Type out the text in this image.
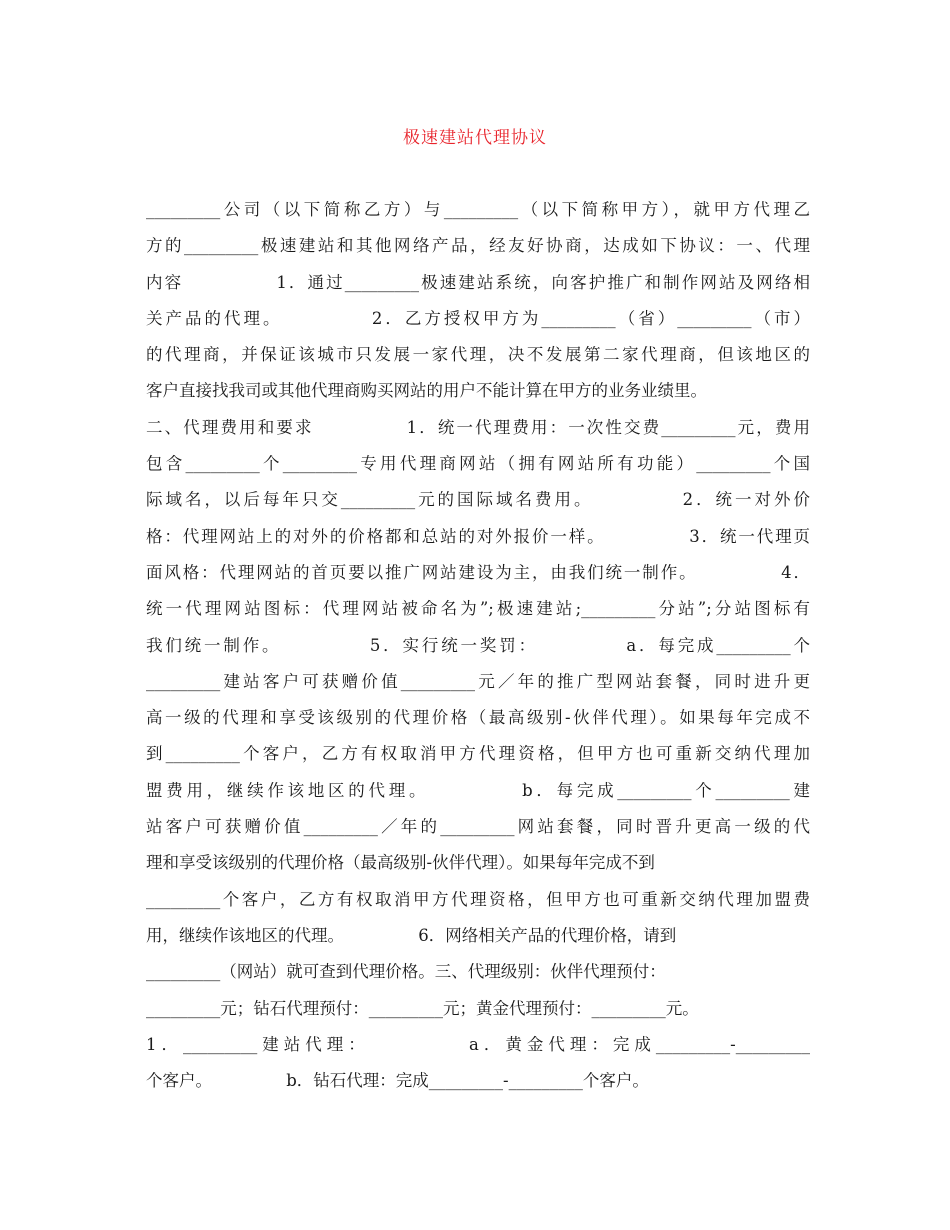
极速建站代理协议
_________公司（以下简称乙方）与_________（以下简称甲方），就甲方代理乙
方的_________极速建站和其他网络产品，经友好协商，达成如下协议：一、代理
内容　　　　　1．通过_________极速建站系统，向客护推广和制作网站及网络相
关产品的代理。　　　　　2．乙方授权甲方为_________（省）_________（市）
的代理商，并保证该城市只发展一家代理，决不发展第二家代理商，但该地区的
客户直接找我司或其他代理商购买网站的用户不能计算在甲方的业务业绩里。
二、代理费用和要求　　　　　1．统一代理费用：一次性交费_________元，费用
包含_________个_________专用代理商网站（拥有网站所有功能）_________个国
际域名，以后每年只交_________元的国际域名费用。　　　　　2．统一对外价
格：代理网站上的对外的价格都和总站的对外报价一样。　　　　　3．统一代理页
面风格：代理网站的首页要以推广网站建设为主，由我们统一制作。　　　　　4．
统一代理网站图标：代理网站被命名为”;极速建站;_________分站”;分站图标有
我们统一制作。　　　　　5．实行统一奖罚：　　　　　a．每完成_________个
_________建站客户可获赠价值_________元／年的推广型网站套餐，同时进升更
高一级的代理和享受该级别的代理价格（最高级别-伙伴代理）。如果每年完成不
到_________个客户，乙方有权取消甲方代理资格，但甲方也可重新交纳代理加
盟费用，继续作该地区的代理。　　　　　b．每完成_________个_________建
站客户可获赠价值_________／年的_________网站套餐，同时晋升更高一级的代
理和享受该级别的代理价格（最高级别-伙伴代理）。如果每年完成不到
_________个客户，乙方有权取消甲方代理资格，但甲方也可重新交纳代理加盟费
用，继续作该地区的代理。　　　　　6．网络相关产品的代理价格，请到
_________（网站）就可查到代理价格。三、代理级别：伙伴代理预付：
_________元；钻石代理预付：_________元；黄金代理预付：_________元。
1．_________建站代理：　　　　　a．黄金代理：完成_________-_________
个客户。　　　　　b．钻石代理：完成_________-_________个客户。
